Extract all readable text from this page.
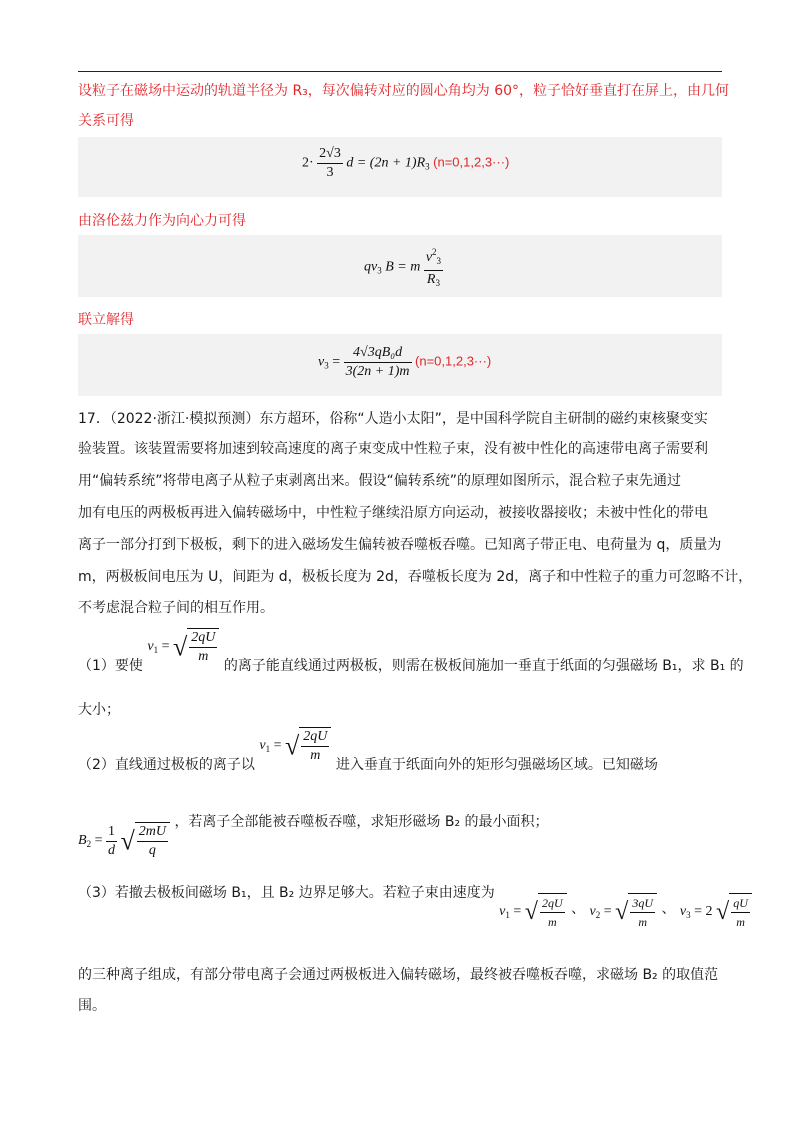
设粒子在磁场中运动的轨道半径为 R₃，每次偏转对应的圆心角均为 60°，粒子恰好垂直打在屏上，由几何
关系可得
$2\cdot \frac{2√3}{3}$ $d = (2n + 1)R_3$ (n=0,1,2,3···)
由洛伦兹力作为向心力可得
$qv_3$ B = m $\frac{v^2_3}{R_3}$
联立解得
$v_3 = \frac{\text{4√3qB₀d}}{3(2n + 1)m} (n=0,1,2,3\cdot\cdot\cdot)$
17．（2022·浙江·模拟预测）东方超环，俗称“人造小太阳”，是中国科学院自主研制的磁约束核聚变实
验装置。该装置需要将加速到较高速度的离子束变成中性粒子束，没有被中性化的高速带电离子需要利
用“偏转系统”将带电离子从粒子束剥离出来。假设“偏转系统”的原理如图所示，混合粒子束先通过
加有电压的两极板再进入偏转磁场中，中性粒子继续沿原方向运动，被接收器接收；未被中性化的带电
离子一部分打到下极板，剩下的进入磁场发生偏转被吞噬板吞噬。已知离子带正电、电荷量为 q，质量为
m，两极板间电压为 U，间距为 d，极板长度为 2d，吞噬板长度为 2d，离子和中性粒子的重力可忽略不计，
不考虑混合粒子间的相互作用。
（1）要使 $v_1$ = √ $\frac{2qU}{m}$
的离子能直线通过两极板，则需在极板间施加一垂直于纸面的匀强磁场 B₁，求 B₁ 的
大小；
（2）直线通过极板的离子以 $v_1$ = √ $\frac{2qU}{m}$
进入垂直于纸面向外的矩形匀强磁场区域。已知磁场
$B_2 = \frac{1}{d}$ √ $\frac{2mU}{q}$
，若离子全部能被吞噬板吞噬，求矩形磁场 B₂ 的最小面积；
（3）若撤去极板间磁场 B₁，且 B₂ 边界足够大。若粒子束由速度为 $v_1$ = √ $\frac{2qU}{m}$ 、 $v_2$ = √ $\frac{3qU}{m}$ 、 $v_3 = 2$ √ $\frac{qU}{m}$
的三种离子组成，有部分带电离子会通过两极板进入偏转磁场，最终被吞噬板吞噬，求磁场 B₂ 的取值范
围。
